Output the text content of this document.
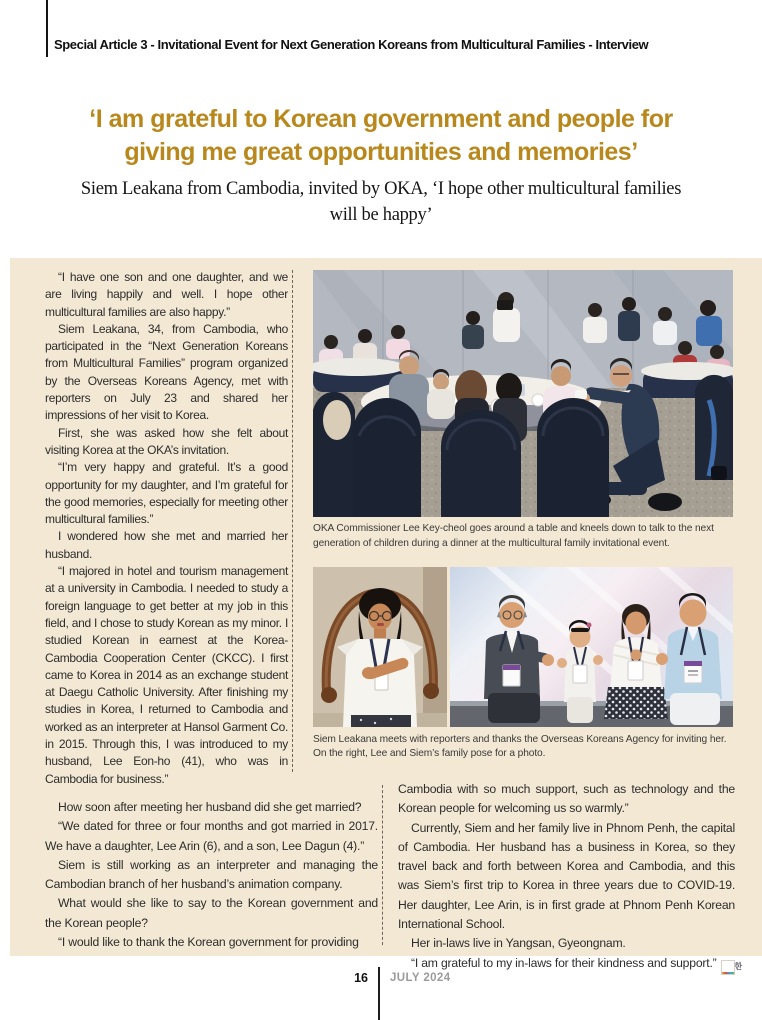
Special Article 3 - Invitational Event for Next Generation Koreans from Multicultural Families - Interview
‘I am grateful to Korean government and people for
giving me great opportunities and memories’
Siem Leakana from Cambodia, invited by OKA, ‘I hope other multicultural families
will be happy’

“I have one son and one daughter, and we are living happily and well. I hope other multicultural families are also happy.”

Siem Leakana, 34, from Cambodia, who participated in the “Next Generation Koreans from Multicultural Families” program organized by the Overseas Koreans Agency, met with reporters on July 23 and shared her impressions of her visit to Korea.

First, she was asked how she felt about visiting Korea at the OKA’s invitation.

“I’m very happy and grateful. It’s a good opportunity for my daughter, and I’m grateful for the good memories, especially for meeting other multicultural families.”

I wondered how she met and married her husband.

“I majored in hotel and tourism management at a university in Cambodia. I needed to study a foreign language to get better at my job in this field, and I chose to study Korean as my minor. I studied Korean in earnest at the Korea-Cambodia Cooperation Center (CKCC). I first came to Korea in 2014 as an exchange student at Daegu Catholic University. After finishing my studies in Korea, I returned to Cambodia and worked as an interpreter at Hansol Garment Co. in 2015. Through this, I was introduced to my husband, Lee Eon-ho (41), who was in Cambodia for business.”

OKA Commissioner Lee Key-cheol goes around a table and kneels down to talk to the next generation of children during a dinner at the multicultural family invitational event.
Siem Leakana meets with reporters and thanks the Overseas Koreans Agency for inviting her. On the right, Lee and Siem’s family pose for a photo.

How soon after meeting her husband did she get married?

“We dated for three or four months and got married in 2017. We have a daughter, Lee Arin (6), and a son, Lee Dagun (4).”

Siem is still working as an interpreter and managing the Cambodian branch of her husband’s animation company.

What would she like to say to the Korean government and the Korean people?

“I would like to thank the Korean government for providing

Cambodia with so much support, such as technology and the Korean people for welcoming us so warmly.”

Currently, Siem and her family live in Phnom Penh, the capital of Cambodia. Her husband has a business in Korea, so they travel back and forth between Korea and Cambodia, and this was Siem’s first trip to Korea in three years due to COVID-19. Her daughter, Lee Arin, is in first grade at Phnom Penh Korean International School.

Her in-laws live in Yangsan, Gyeongnam.

“I am grateful to my in-laws for their kindness and support.”	한

16 JULY 2024
